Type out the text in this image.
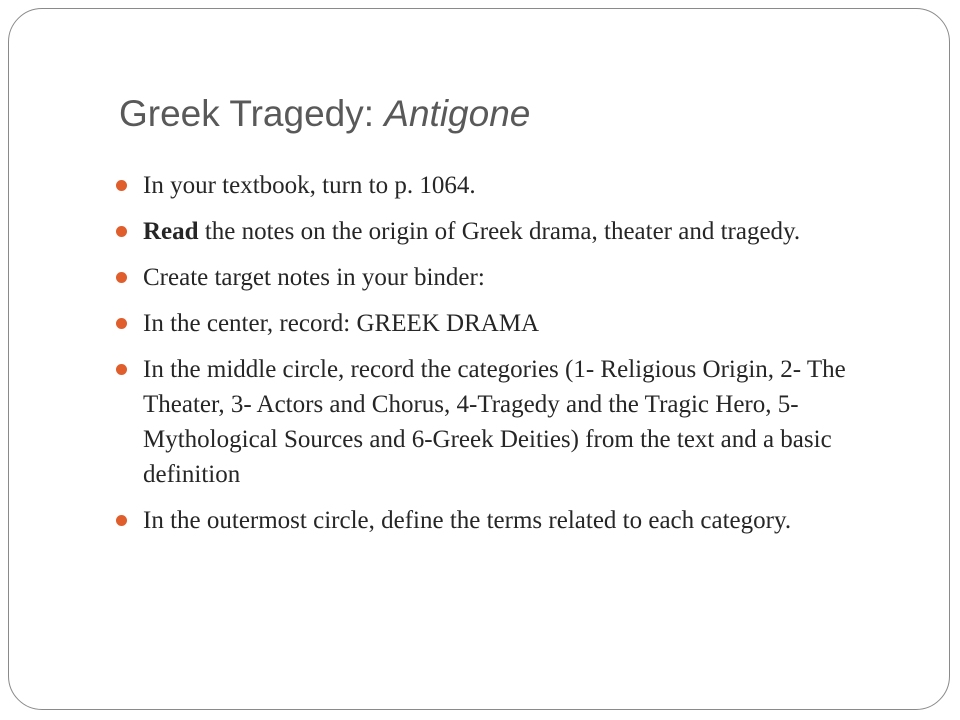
Greek Tragedy: Antigone
In your textbook, turn to p. 1064.
Read the notes on the origin of Greek drama, theater and tragedy.
Create target notes in your binder:
In the center, record: GREEK DRAMA
In the middle circle, record the categories (1- Religious Origin, 2- The Theater, 3- Actors and Chorus, 4-Tragedy and the Tragic Hero, 5- Mythological Sources and 6-Greek Deities) from the text and a basic definition
In the outermost circle, define the terms related to each category.
